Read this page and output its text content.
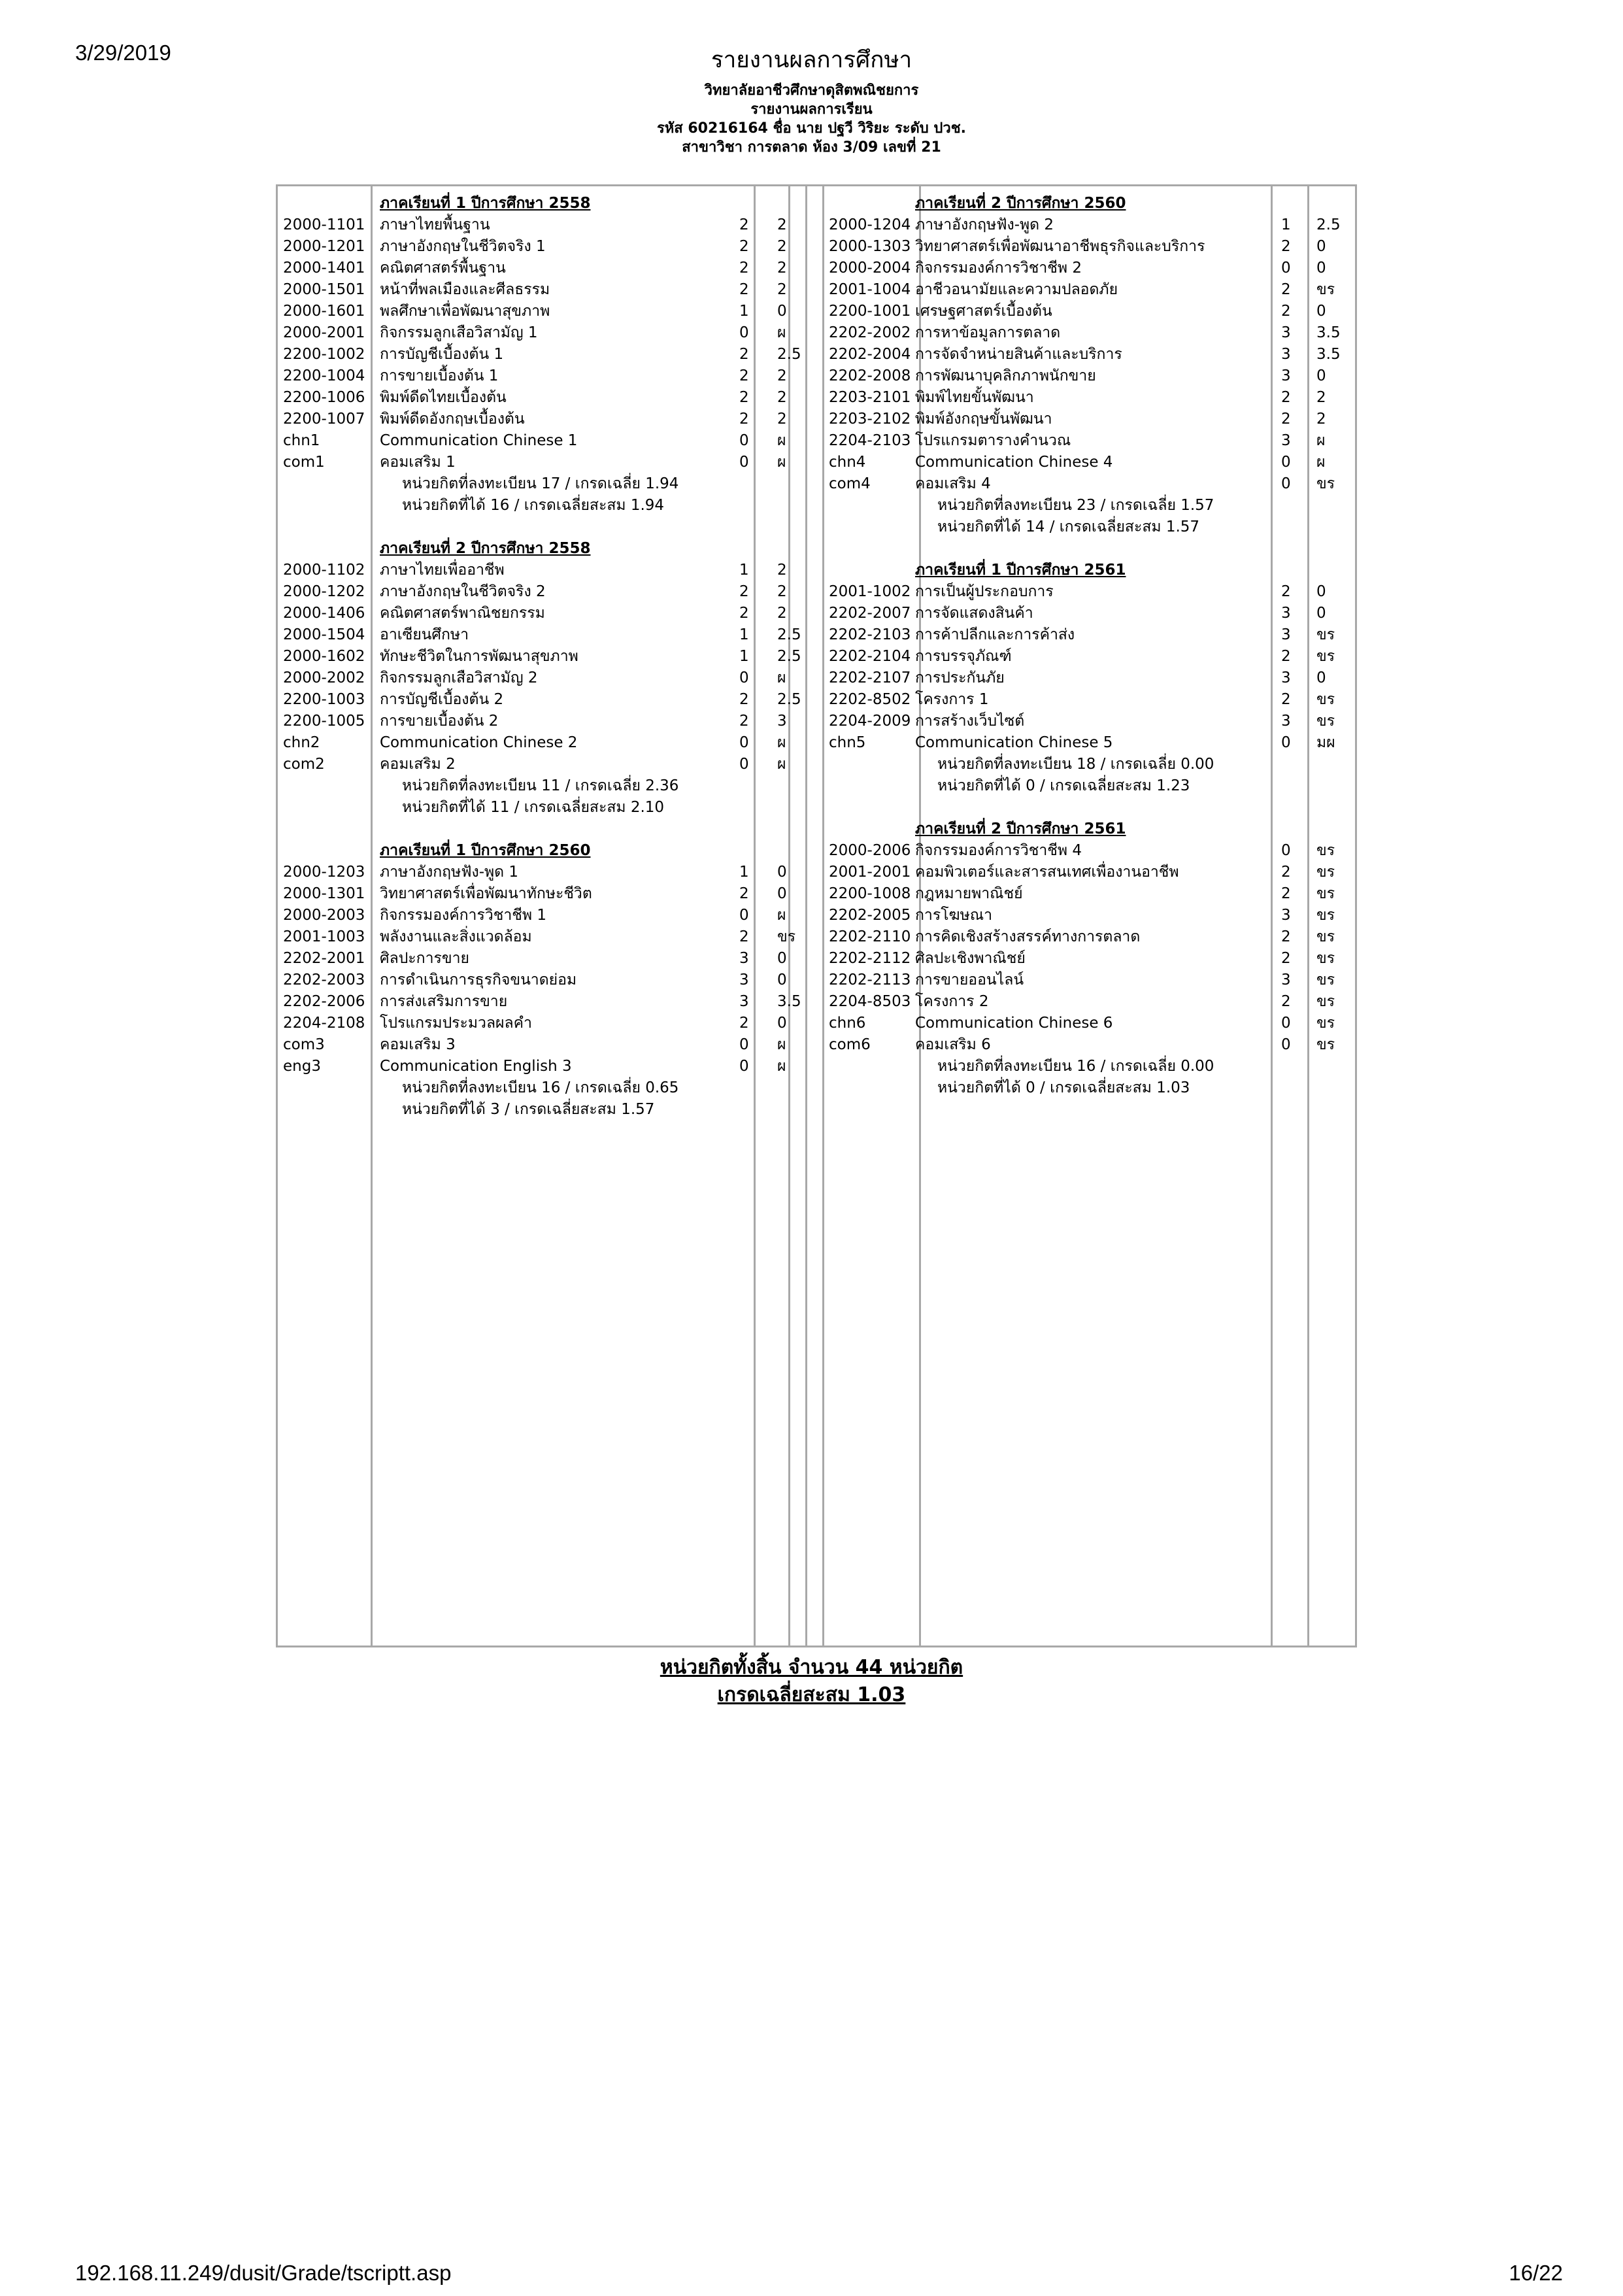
3/29/2019	รายงานผลการศึกษา
วิทยาลัยอาชีวศึกษาดุสิตพณิชยการ
รายงานผลการเรียน
รหัส 60216164 ชื่อ นาย ปฐวี วิริยะ ระดับ ปวช.
สาขาวิชา การตลาด ห้อง 3/09 เลขที่ 21
ภาคเรียนที่ 1 ปีการศึกษา 2558
2000-1101 ภาษาไทยพื้นฐาน	2 2
2000-1201 ภาษาอังกฤษในชีวิตจริง 1	2 2
2000-1401 คณิตศาสตร์พื้นฐาน	2 2
2000-1501 หน้าที่พลเมืองและศีลธรรม	2 2
2000-1601 พลศึกษาเพื่อพัฒนาสุขภาพ	1 0
2000-2001 กิจกรรมลูกเสือวิสามัญ 1	0 ผ
2200-1002 การบัญชีเบื้องต้น 1	2 2.5
2200-1004 การขายเบื้องต้น 1	2 2
2200-1006 พิมพ์ดีดไทยเบื้องต้น	2 2
2200-1007 พิมพ์ดีดอังกฤษเบื้องต้น	2 2
chn1	Communication Chinese 1	0 ผ
com1	คอมเสริม 1	0 ผ
หน่วยกิตที่ลงทะเบียน 17 / เกรดเฉลี่ย 1.94
หน่วยกิตที่ได้ 16 / เกรดเฉลี่ยสะสม 1.94
ภาคเรียนที่ 2 ปีการศึกษา 2558
2000-1102 ภาษาไทยเพื่ออาชีพ	1 2
2000-1202 ภาษาอังกฤษในชีวิตจริง 2	2 2
2000-1406 คณิตศาสตร์พาณิชยกรรม	2 2
2000-1504 อาเซียนศึกษา	1 2.5
2000-1602 ทักษะชีวิตในการพัฒนาสุขภาพ	1 2.5
2000-2002 กิจกรรมลูกเสือวิสามัญ 2	0 ผ
2200-1003 การบัญชีเบื้องต้น 2	2 2.5
2200-1005 การขายเบื้องต้น 2	2 3
chn2	Communication Chinese 2	0 ผ
com2	คอมเสริม 2	0 ผ
หน่วยกิตที่ลงทะเบียน 11 / เกรดเฉลี่ย 2.36
หน่วยกิตที่ได้ 11 / เกรดเฉลี่ยสะสม 2.10
ภาคเรียนที่ 1 ปีการศึกษา 2560
2000-1203 ภาษาอังกฤษฟัง-พูด 1	1 0
2000-1301 วิทยาศาสตร์เพื่อพัฒนาทักษะชีวิต	2 0
2000-2003 กิจกรรมองค์การวิชาชีพ 1	0 ผ
2001-1003 พลังงานและสิ่งแวดล้อม	2 ขร
2202-2001 ศิลปะการขาย	3 0
2202-2003 การดำเนินการธุรกิจขนาดย่อม	3 0
2202-2006 การส่งเสริมการขาย	3 3.5
2204-2108 โปรแกรมประมวลผลคำ	2 0
com3	คอมเสริม 3	0 ผ
eng3	Communication English 3	0 ผ
หน่วยกิตที่ลงทะเบียน 16 / เกรดเฉลี่ย 0.65
หน่วยกิตที่ได้ 3 / เกรดเฉลี่ยสะสม 1.57
ภาคเรียนที่ 2 ปีการศึกษา 2560
2000-1204 ภาษาอังกฤษฟัง-พูด 2	1 2.5
2000-1303 วิทยาศาสตร์เพื่อพัฒนาอาชีพธุรกิจและบริการ	2 0
2000-2004 กิจกรรมองค์การวิชาชีพ 2	0 0
2001-1004 อาชีวอนามัยและความปลอดภัย	2 ขร
2200-1001 เศรษฐศาสตร์เบื้องต้น	2 0
2202-2002 การหาข้อมูลการตลาด	3 3.5
2202-2004 การจัดจำหน่ายสินค้าและบริการ	3 3.5
2202-2008 การพัฒนาบุคลิกภาพนักขาย	3 0
2203-2101 พิมพ์ไทยขั้นพัฒนา	2 2
2203-2102 พิมพ์อังกฤษขั้นพัฒนา	2 2
2204-2103 โปรแกรมตารางคำนวณ	3 ผ
chn4	Communication Chinese 4	0 ผ
com4	คอมเสริม 4	0 ขร
หน่วยกิตที่ลงทะเบียน 23 / เกรดเฉลี่ย 1.57
หน่วยกิตที่ได้ 14 / เกรดเฉลี่ยสะสม 1.57
ภาคเรียนที่ 1 ปีการศึกษา 2561
2001-1002 การเป็นผู้ประกอบการ	2 0
2202-2007 การจัดแสดงสินค้า	3 0
2202-2103 การค้าปลีกและการค้าส่ง	3 ขร
2202-2104 การบรรจุภัณฑ์	2 ขร
2202-2107 การประกันภัย	3 0
2202-8502 โครงการ 1	2 ขร
2204-2009 การสร้างเว็บไซต์	3 ขร
chn5	Communication Chinese 5	0 มผ
หน่วยกิตที่ลงทะเบียน 18 / เกรดเฉลี่ย 0.00
หน่วยกิตที่ได้ 0 / เกรดเฉลี่ยสะสม 1.23
ภาคเรียนที่ 2 ปีการศึกษา 2561
2000-2006 กิจกรรมองค์การวิชาชีพ 4	0 ขร
2001-2001 คอมพิวเตอร์และสารสนเทศเพื่องานอาชีพ	2 ขร
2200-1008 กฎหมายพาณิชย์	2 ขร
2202-2005 การโฆษณา	3 ขร
2202-2110 การคิดเชิงสร้างสรรค์ทางการตลาด	2 ขร
2202-2112 ศิลปะเชิงพาณิชย์	2 ขร
2202-2113 การขายออนไลน์	3 ขร
2204-8503 โครงการ 2	2 ขร
chn6	Communication Chinese 6	0 ขร
com6	คอมเสริม 6	0 ขร
หน่วยกิตที่ลงทะเบียน 16 / เกรดเฉลี่ย 0.00
หน่วยกิตที่ได้ 0 / เกรดเฉลี่ยสะสม 1.03
หน่วยกิตทั้งสิ้น จำนวน 44 หน่วยกิต
เกรดเฉลี่ยสะสม 1.03
192.168.11.249/dusit/Grade/tscriptt.asp	16/22
